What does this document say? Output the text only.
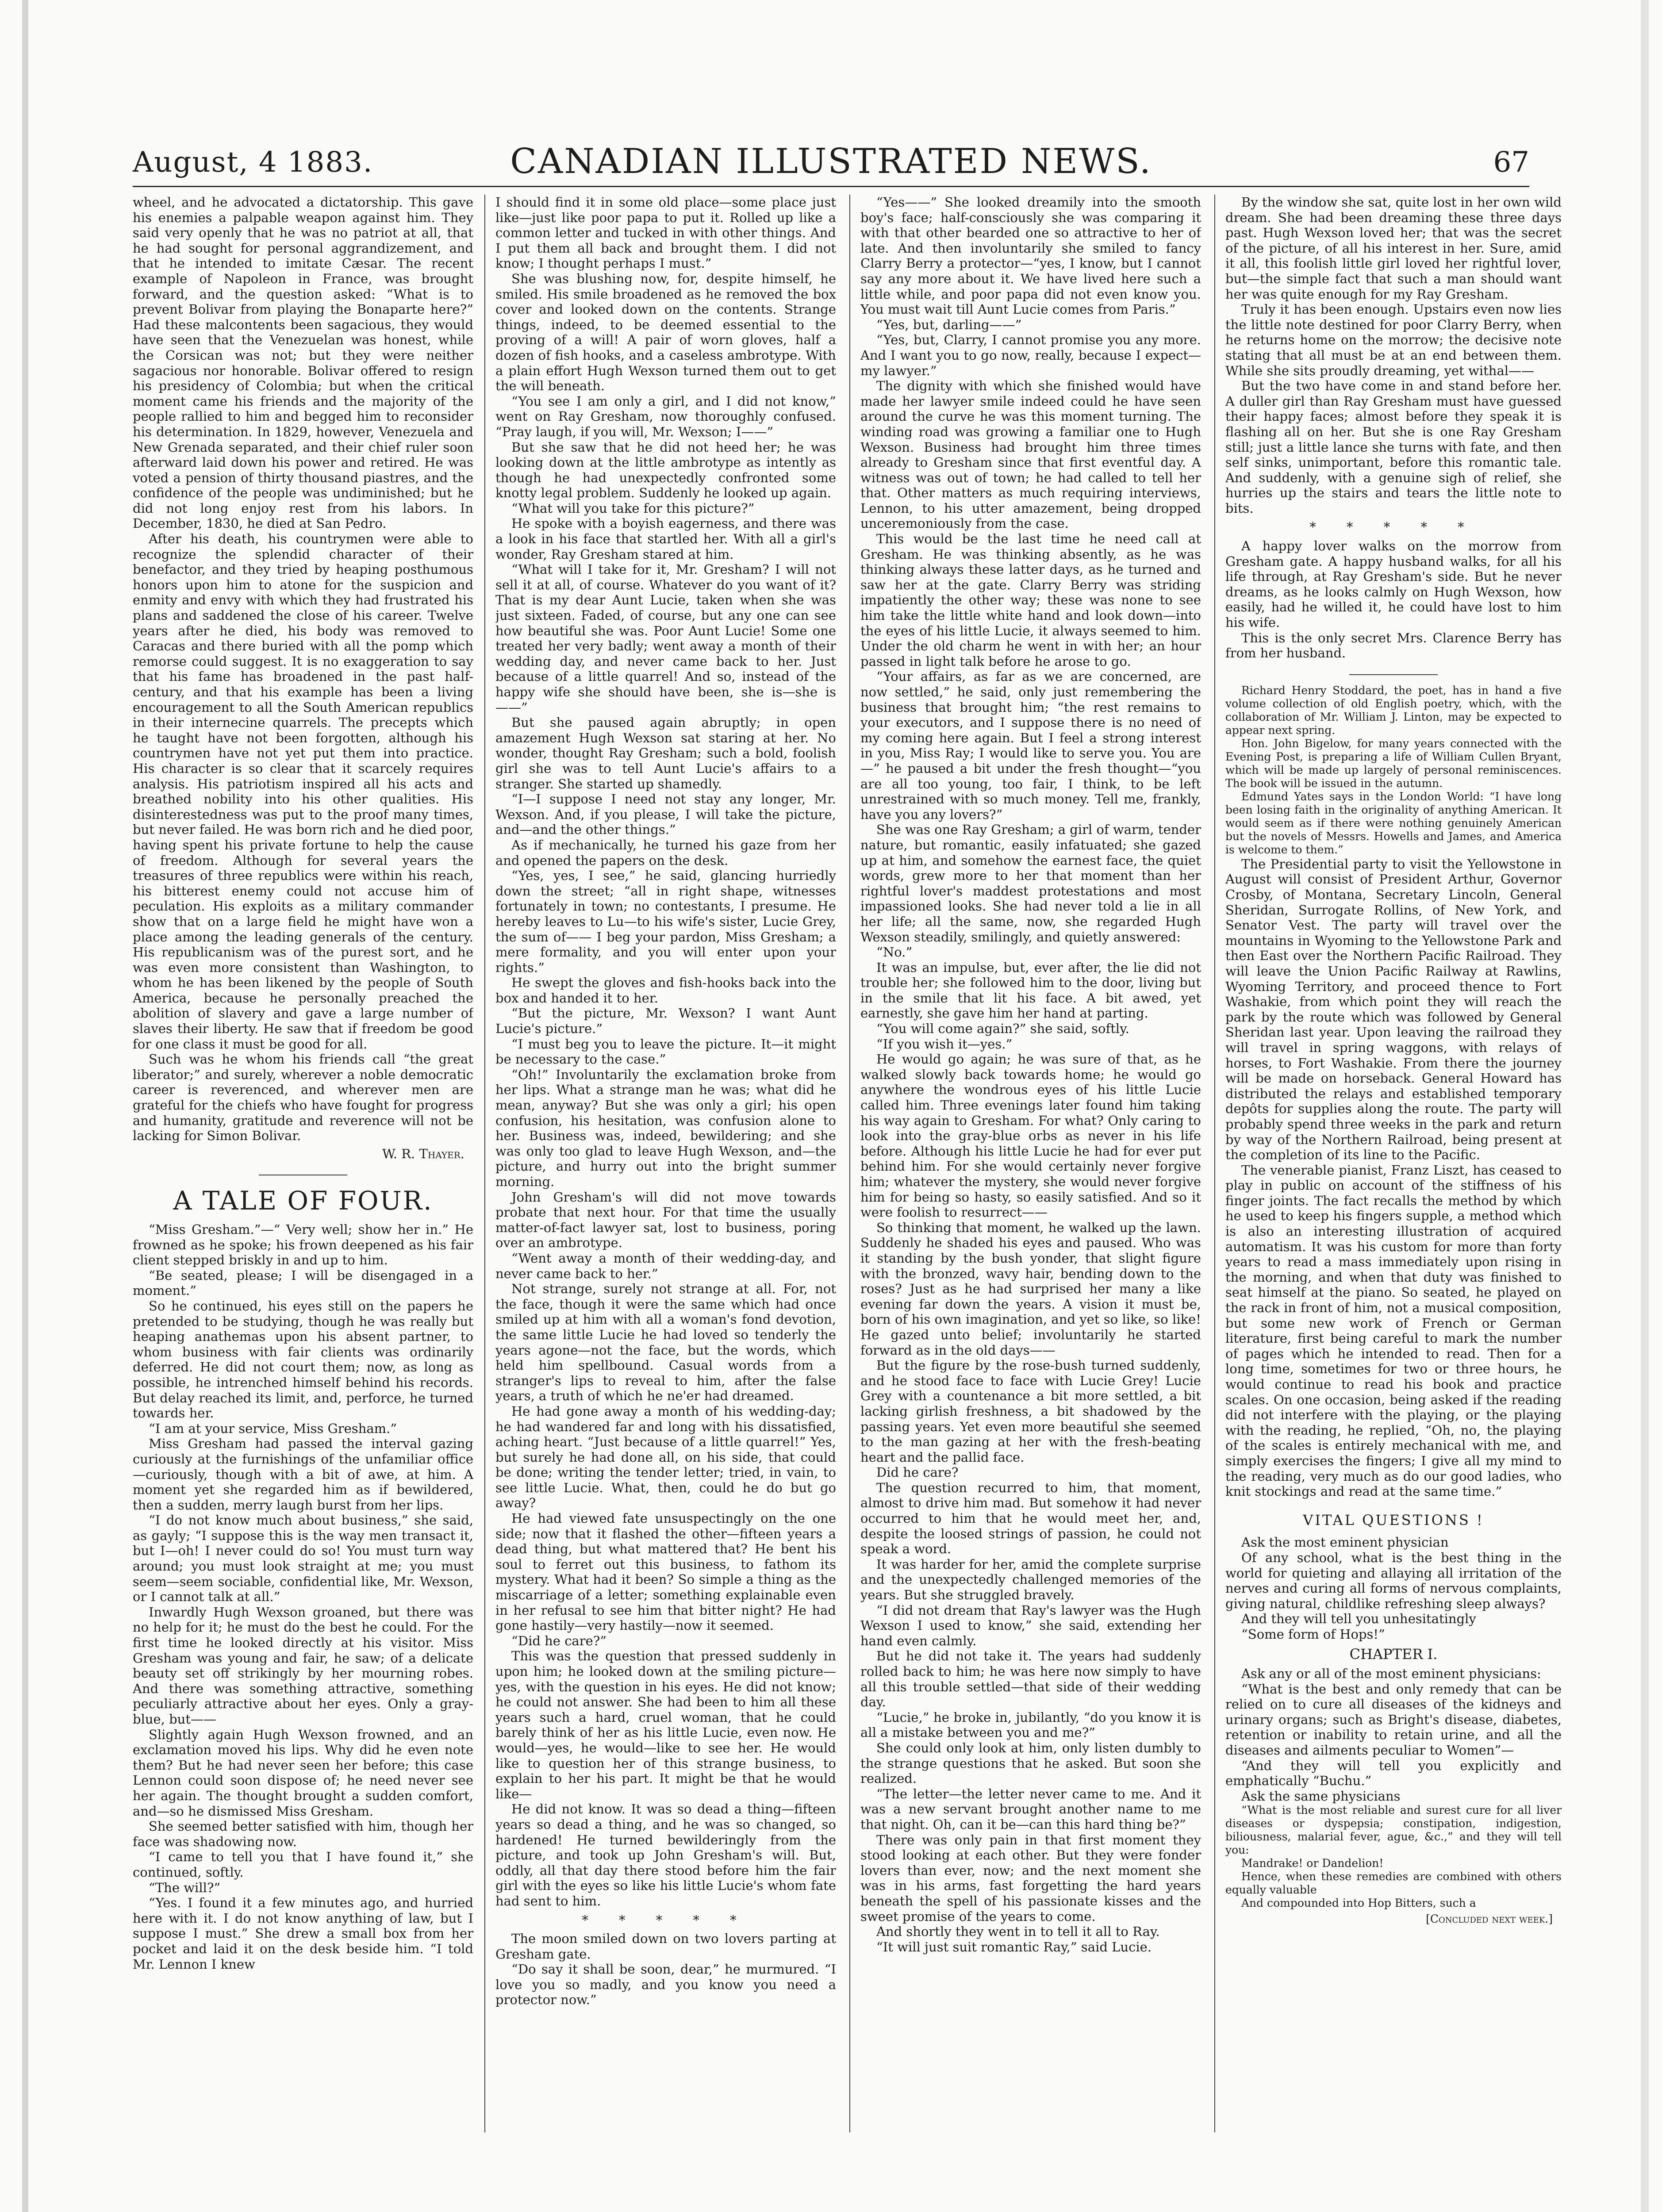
August, 4 1883.	CANADIAN ILLUSTRATED NEWS.	67

wheel, and he advocated a dictatorship. This gave his enemies a palpable weapon against him. They said very openly that he was no patriot at all, that he had sought for personal aggrandizement, and that he intended to imitate Cæsar. The recent example of Napoleon in France, was brought forward, and the question asked: “What is to prevent Bolivar from playing the Bonaparte here?” Had these malcontents been sagacious, they would have seen that the Venezuelan was honest, while the Corsican was not; but they were neither sagacious nor honorable. Bolivar offered to resign his presidency of Colombia; but when the critical moment came his friends and the majority of the people rallied to him and begged him to reconsider his determination. In 1829, however, Venezuela and New Grenada separated, and their chief ruler soon afterward laid down his power and retired. He was voted a pension of thirty thousand piastres, and the confidence of the people was undiminished; but he did not long enjoy rest from his labors. In December, 1830, he died at San Pedro.

After his death, his countrymen were able to recognize the splendid character of their benefactor, and they tried by heaping posthumous honors upon him to atone for the suspicion and enmity and envy with which they had frustrated his plans and saddened the close of his career. Twelve years after he died, his body was removed to Caracas and there buried with all the pomp which remorse could suggest. It is no exaggeration to say that his fame has broadened in the past half-century, and that his example has been a living encouragement to all the South American republics in their internecine quarrels. The precepts which he taught have not been forgotten, although his countrymen have not yet put them into practice. His character is so clear that it scarcely requires analysis. His patriotism inspired all his acts and breathed nobility into his other qualities. His disinterestedness was put to the proof many times, but never failed. He was born rich and he died poor, having spent his private fortune to help the cause of freedom. Although for several years the treasures of three republics were within his reach, his bitterest enemy could not accuse him of peculation. His exploits as a military commander show that on a large field he might have won a place among the leading generals of the century. His republicanism was of the purest sort, and he was even more consistent than Washington, to whom he has been likened by the people of South America, because he personally preached the abolition of slavery and gave a large number of slaves their liberty. He saw that if freedom be good for one class it must be good for all.

Such was he whom his friends call “the great liberator;” and surely, wherever a noble democratic career is reverenced, and wherever men are grateful for the chiefs who have fought for progress and humanity, gratitude and reverence will not be lacking for Simon Bolivar.

W. R. Thayer.

A TALE OF FOUR.

“Miss Gresham.”—“ Very well; show her in.” He frowned as he spoke; his frown deepened as his fair client stepped briskly in and up to him.

“Be seated, please; I will be disengaged in a moment.”

So he continued, his eyes still on the papers he pretended to be studying, though he was really but heaping anathemas upon his absent partner, to whom business with fair clients was ordinarily deferred. He did not court them; now, as long as possible, he intrenched himself behind his records. But delay reached its limit, and, perforce, he turned towards her.

“I am at your service, Miss Gresham.”

Miss Gresham had passed the interval gazing curiously at the furnishings of the unfamiliar office—curiously, though with a bit of awe, at him. A moment yet she regarded him as if bewildered, then a sudden, merry laugh burst from her lips.

“I do not know much about business,” she said, as gayly; “I suppose this is the way men transact it, but I—oh! I never could do so! You must turn way around; you must look straight at me; you must seem—seem sociable, confidential like, Mr. Wexson, or I cannot talk at all.”

Inwardly Hugh Wexson groaned, but there was no help for it; he must do the best he could. For the first time he looked directly at his visitor. Miss Gresham was young and fair, he saw; of a delicate beauty set off strikingly by her mourning robes. And there was something attractive, something peculiarly attractive about her eyes. Only a gray-blue, but——

Slightly again Hugh Wexson frowned, and an exclamation moved his lips. Why did he even note them? But he had never seen her before; this case Lennon could soon dispose of; he need never see her again. The thought brought a sudden comfort, and—so he dismissed Miss Gresham.

She seemed better satisfied with him, though her face was shadowing now.

“I came to tell you that I have found it,” she continued, softly.

“The will?”

“Yes. I found it a few minutes ago, and hurried here with it. I do not know anything of law, but I suppose I must.” She drew a small box from her pocket and laid it on the desk beside him. “I told Mr. Lennon I knew

I should find it in some old place—some place just like—just like poor papa to put it. Rolled up like a common letter and tucked in with other things. And I put them all back and brought them. I did not know; I thought perhaps I must.”

She was blushing now, for, despite himself, he smiled. His smile broadened as he removed the box cover and looked down on the contents. Strange things, indeed, to be deemed essential to the proving of a will! A pair of worn gloves, half a dozen of fish hooks, and a caseless ambrotype. With a plain effort Hugh Wexson turned them out to get the will beneath.

“You see I am only a girl, and I did not know,” went on Ray Gresham, now thoroughly confused. “Pray laugh, if you will, Mr. Wexson; I——”

But she saw that he did not heed her; he was looking down at the little ambrotype as intently as though he had unexpectedly confronted some knotty legal problem. Suddenly he looked up again.

“What will you take for this picture?”

He spoke with a boyish eagerness, and there was a look in his face that startled her. With all a girl's wonder, Ray Gresham stared at him.

“What will I take for it, Mr. Gresham? I will not sell it at all, of course. Whatever do you want of it? That is my dear Aunt Lucie, taken when she was just sixteen. Faded, of course, but any one can see how beautiful she was. Poor Aunt Lucie! Some one treated her very badly; went away a month of their wedding day, and never came back to her. Just because of a little quarrel! And so, instead of the happy wife she should have been, she is—she is——”

But she paused again abruptly; in open amazement Hugh Wexson sat staring at her. No wonder, thought Ray Gresham; such a bold, foolish girl she was to tell Aunt Lucie's affairs to a stranger. She started up shamedly.

“I—I suppose I need not stay any longer, Mr. Wexson. And, if you please, I will take the picture, and—and the other things.”

As if mechanically, he turned his gaze from her and opened the papers on the desk.

“Yes, yes, I see,” he said, glancing hurriedly down the street; “all in right shape, witnesses fortunately in town; no contestants, I presume. He hereby leaves to Lu—to his wife's sister, Lucie Grey, the sum of—— I beg your pardon, Miss Gresham; a mere formality, and you will enter upon your rights.”

He swept the gloves and fish-hooks back into the box and handed it to her.

“But the picture, Mr. Wexson? I want Aunt Lucie's picture.”

“I must beg you to leave the picture. It—it might be necessary to the case.”

“Oh!” Involuntarily the exclamation broke from her lips. What a strange man he was; what did he mean, anyway? But she was only a girl; his open confusion, his hesitation, was confusion alone to her. Business was, indeed, bewildering; and she was only too glad to leave Hugh Wexson, and—the picture, and hurry out into the bright summer morning.

John Gresham's will did not move towards probate that next hour. For that time the usually matter-of-fact lawyer sat, lost to business, poring over an ambrotype.

“Went away a month of their wedding-day, and never came back to her.”

Not strange, surely not strange at all. For, not the face, though it were the same which had once smiled up at him with all a woman's fond devotion, the same little Lucie he had loved so tenderly the years agone—not the face, but the words, which held him spellbound. Casual words from a stranger's lips to reveal to him, after the false years, a truth of which he ne'er had dreamed.

He had gone away a month of his wedding-day; he had wandered far and long with his dissatisfied, aching heart. “Just because of a little quarrel!” Yes, but surely he had done all, on his side, that could be done; writing the tender letter; tried, in vain, to see little Lucie. What, then, could he do but go away?

He had viewed fate unsuspectingly on the one side; now that it flashed the other—fifteen years a dead thing, but what mattered that? He bent his soul to ferret out this business, to fathom its mystery. What had it been? So simple a thing as the miscarriage of a letter; something explainable even in her refusal to see him that bitter night? He had gone hastily—very hastily—now it seemed.

“Did he care?”

This was the question that pressed suddenly in upon him; he looked down at the smiling picture—yes, with the question in his eyes. He did not know; he could not answer. She had been to him all these years such a hard, cruel woman, that he could barely think of her as his little Lucie, even now. He would—yes, he would—like to see her. He would like to question her of this strange business, to explain to her his part. It might be that he would like—

He did not know. It was so dead a thing—fifteen years so dead a thing, and he was so changed, so hardened! He turned bewilderingly from the picture, and took up John Gresham's will. But, oddly, all that day there stood before him the fair girl with the eyes so like his little Lucie's whom fate had sent to him.

* * * * *

The moon smiled down on two lovers parting at Gresham gate.

“Do say it shall be soon, dear,” he murmured. “I love you so madly, and you know you need a protector now.”

“Yes——” She looked dreamily into the smooth boy's face; half-consciously she was comparing it with that other bearded one so attractive to her of late. And then involuntarily she smiled to fancy Clarry Berry a protector—“yes, I know, but I cannot say any more about it. We have lived here such a little while, and poor papa did not even know you. You must wait till Aunt Lucie comes from Paris.”

“Yes, but, darling——”

“Yes, but, Clarry, I cannot promise you any more. And I want you to go now, really, because I expect—my lawyer.”

The dignity with which she finished would have made her lawyer smile indeed could he have seen around the curve he was this moment turning. The winding road was growing a familiar one to Hugh Wexson. Business had brought him three times already to Gresham since that first eventful day. A witness was out of town; he had called to tell her that. Other matters as much requiring interviews, Lennon, to his utter amazement, being dropped unceremoniously from the case.

This would be the last time he need call at Gresham. He was thinking absently, as he was thinking always these latter days, as he turned and saw her at the gate. Clarry Berry was striding impatiently the other way; these was none to see him take the little white hand and look down—into the eyes of his little Lucie, it always seemed to him. Under the old charm he went in with her; an hour passed in light talk before he arose to go.

“Your affairs, as far as we are concerned, are now settled,” he said, only just remembering the business that brought him; “the rest remains to your executors, and I suppose there is no need of my coming here again. But I feel a strong interest in you, Miss Ray; I would like to serve you. You are—” he paused a bit under the fresh thought—“you are all too young, too fair, I think, to be left unrestrained with so much money. Tell me, frankly, have you any lovers?”

She was one Ray Gresham; a girl of warm, tender nature, but romantic, easily infatuated; she gazed up at him, and somehow the earnest face, the quiet words, grew more to her that moment than her rightful lover's maddest protestations and most impassioned looks. She had never told a lie in all her life; all the same, now, she regarded Hugh Wexson steadily, smilingly, and quietly answered:

“No.”

It was an impulse, but, ever after, the lie did not trouble her; she followed him to the door, living but in the smile that lit his face. A bit awed, yet earnestly, she gave him her hand at parting.

“You will come again?” she said, softly.

“If you wish it—yes.”

He would go again; he was sure of that, as he walked slowly back towards home; he would go anywhere the wondrous eyes of his little Lucie called him. Three evenings later found him taking his way again to Gresham. For what? Only caring to look into the gray-blue orbs as never in his life before. Although his little Lucie he had for ever put behind him. For she would certainly never forgive him; whatever the mystery, she would never forgive him for being so hasty, so easily satisfied. And so it were foolish to resurrect——

So thinking that moment, he walked up the lawn. Suddenly he shaded his eyes and paused. Who was it standing by the bush yonder, that slight figure with the bronzed, wavy hair, bending down to the roses? Just as he had surprised her many a like evening far down the years. A vision it must be, born of his own imagination, and yet so like, so like! He gazed unto belief; involuntarily he started forward as in the old days——

But the figure by the rose-bush turned suddenly, and he stood face to face with Lucie Grey! Lucie Grey with a countenance a bit more settled, a bit lacking girlish freshness, a bit shadowed by the passing years. Yet even more beautiful she seemed to the man gazing at her with the fresh-beating heart and the pallid face.

Did he care?

The question recurred to him, that moment, almost to drive him mad. But somehow it had never occurred to him that he would meet her, and, despite the loosed strings of passion, he could not speak a word.

It was harder for her, amid the complete surprise and the unexpectedly challenged memories of the years. But she struggled bravely.

“I did not dream that Ray's lawyer was the Hugh Wexson I used to know,” she said, extending her hand even calmly.

But he did not take it. The years had suddenly rolled back to him; he was here now simply to have all this trouble settled—that side of their wedding day.

“Lucie,” he broke in, jubilantly, “do you know it is all a mistake between you and me?”

She could only look at him, only listen dumbly to the strange questions that he asked. But soon she realized.

“The letter—the letter never came to me. And it was a new servant brought another name to me that night. Oh, can it be—can this hard thing be?”

There was only pain in that first moment they stood looking at each other. But they were fonder lovers than ever, now; and the next moment she was in his arms, fast forgetting the hard years beneath the spell of his passionate kisses and the sweet promise of the years to come.

And shortly they went in to tell it all to Ray.

“It will just suit romantic Ray,” said Lucie.

By the window she sat, quite lost in her own wild dream. She had been dreaming these three days past. Hugh Wexson loved her; that was the secret of the picture, of all his interest in her. Sure, amid it all, this foolish little girl loved her rightful lover, but—the simple fact that such a man should want her was quite enough for my Ray Gresham.

Truly it has been enough. Upstairs even now lies the little note destined for poor Clarry Berry, when he returns home on the morrow; the decisive note stating that all must be at an end between them. While she sits proudly dreaming, yet withal——

But the two have come in and stand before her. A duller girl than Ray Gresham must have guessed their happy faces; almost before they speak it is flashing all on her. But she is one Ray Gresham still; just a little lance she turns with fate, and then self sinks, unimportant, before this romantic tale. And suddenly, with a genuine sigh of relief, she hurries up the stairs and tears the little note to bits.

* * * * *

A happy lover walks on the morrow from Gresham gate. A happy husband walks, for all his life through, at Ray Gresham's side. But he never dreams, as he looks calmly on Hugh Wexson, how easily, had he willed it, he could have lost to him his wife.

This is the only secret Mrs. Clarence Berry has from her husband.

Richard Henry Stoddard, the poet, has in hand a five volume collection of old English poetry, which, with the collaboration of Mr. William J. Linton, may be expected to appear next spring.

Hon. John Bigelow, for many years connected with the Evening Post, is preparing a life of William Cullen Bryant, which will be made up largely of personal reminiscences. The book will be issued in the autumn.

Edmund Yates says in the London World: “I have long been losing faith in the originality of anything American. It would seem as if there were nothing genuinely American but the novels of Messrs. Howells and James, and America is welcome to them.”

The Presidential party to visit the Yellowstone in August will consist of President Arthur, Governor Crosby, of Montana, Secretary Lincoln, General Sheridan, Surrogate Rollins, of New York, and Senator Vest. The party will travel over the mountains in Wyoming to the Yellowstone Park and then East over the Northern Pacific Railroad. They will leave the Union Pacific Railway at Rawlins, Wyoming Territory, and proceed thence to Fort Washakie, from which point they will reach the park by the route which was followed by General Sheridan last year. Upon leaving the railroad they will travel in spring waggons, with relays of horses, to Fort Washakie. From there the journey will be made on horseback. General Howard has distributed the relays and established temporary depôts for supplies along the route. The party will probably spend three weeks in the park and return by way of the Northern Railroad, being present at the completion of its line to the Pacific.

The venerable pianist, Franz Liszt, has ceased to play in public on account of the stiffness of his finger joints. The fact recalls the method by which he used to keep his fingers supple, a method which is also an interesting illustration of acquired automatism. It was his custom for more than forty years to read a mass immediately upon rising in the morning, and when that duty was finished to seat himself at the piano. So seated, he played on the rack in front of him, not a musical composition, but some new work of French or German literature, first being careful to mark the number of pages which he intended to read. Then for a long time, sometimes for two or three hours, he would continue to read his book and practice scales. On one occasion, being asked if the reading did not interfere with the playing, or the playing with the reading, he replied, “Oh, no, the playing of the scales is entirely mechanical with me, and simply exercises the fingers; I give all my mind to the reading, very much as do our good ladies, who knit stockings and read at the same time.”

VITAL QUESTIONS !

Ask the most eminent physician

Of any school, what is the best thing in the world for quieting and allaying all irritation of the nerves and curing all forms of nervous complaints, giving natural, childlike refreshing sleep always?

And they will tell you unhesitatingly

“Some form of Hops!”

CHAPTER I.

Ask any or all of the most eminent physicians:

“What is the best and only remedy that can be relied on to cure all diseases of the kidneys and urinary organs; such as Bright's disease, diabetes, retention or inability to retain urine, and all the diseases and ailments peculiar to Women”—

“And they will tell you explicitly and emphatically “Buchu.”

Ask the same physicians

“What is the most reliable and surest cure for all liver diseases or dyspepsia; constipation, indigestion, biliousness, malarial fever, ague, &c.,” and they will tell you:

Mandrake! or Dandelion!

Hence, when these remedies are combined with others equally valuable

And compounded into Hop Bitters, such a

[Concluded next week.]
